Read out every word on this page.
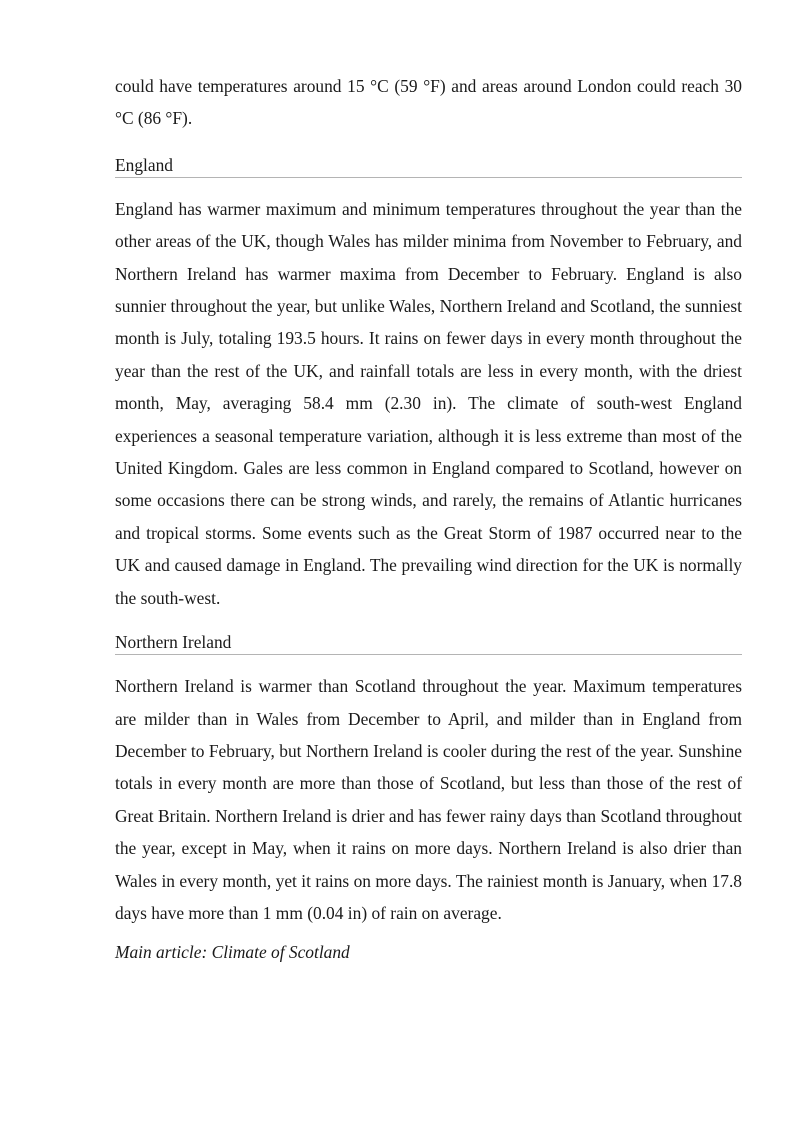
could have temperatures around 15 °C (59 °F) and areas around London could reach 30 °C (86 °F).

England

England has warmer maximum and minimum temperatures throughout the year than the other areas of the UK, though Wales has milder minima from November to February, and Northern Ireland has warmer maxima from December to February. England is also sunnier throughout the year, but unlike Wales, Northern Ireland and Scotland, the sunniest month is July, totaling 193.5 hours. It rains on fewer days in every month throughout the year than the rest of the UK, and rainfall totals are less in every month, with the driest month, May, averaging 58.4 mm (2.30 in). The climate of south-west England experiences a seasonal temperature variation, although it is less extreme than most of the United Kingdom. Gales are less common in England compared to Scotland, however on some occasions there can be strong winds, and rarely, the remains of Atlantic hurricanes and tropical storms. Some events such as the Great Storm of 1987 occurred near to the UK and caused damage in England. The prevailing wind direction for the UK is normally the south-west.

Northern Ireland

Northern Ireland is warmer than Scotland throughout the year. Maximum temperatures are milder than in Wales from December to April, and milder than in England from December to February, but Northern Ireland is cooler during the rest of the year. Sunshine totals in every month are more than those of Scotland, but less than those of the rest of Great Britain. Northern Ireland is drier and has fewer rainy days than Scotland throughout the year, except in May, when it rains on more days. Northern Ireland is also drier than Wales in every month, yet it rains on more days. The rainiest month is January, when 17.8 days have more than 1 mm (0.04 in) of rain on average.

Main article: Climate of Scotland
